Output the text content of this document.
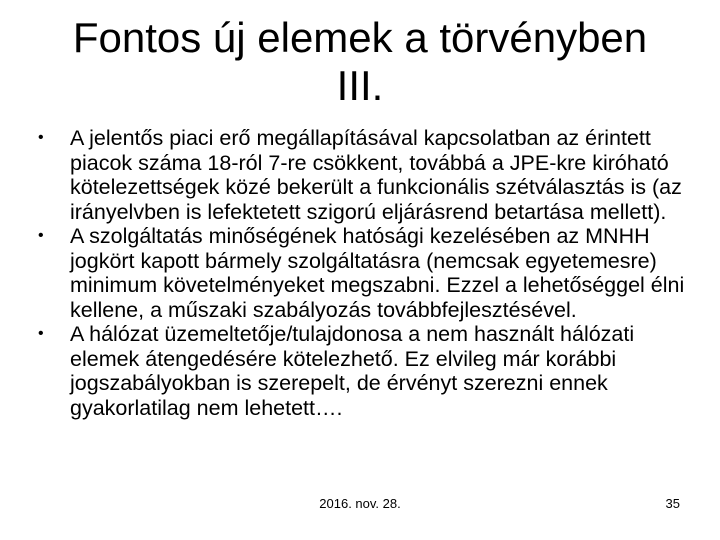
Fontos új elemek a törvényben
III.
• A jelentős piaci erő megállapításával kapcsolatban az érintett piacok száma 18-ról 7-re csökkent, továbbá a JPE-kre kiróható kötelezettségek közé bekerült a funkcionális szétválasztás is (az irányelvben is lefektetett szigorú eljárásrend betartása mellett).
• A szolgáltatás minőségének hatósági kezelésében az MNHH jogkört kapott bármely szolgáltatásra (nemcsak egyetemesre) minimum követelményeket megszabni. Ezzel a lehetőséggel élni kellene, a műszaki szabályozás továbbfejlesztésével.
• A hálózat üzemeltetője/tulajdonosa a nem használt hálózati elemek átengedésére kötelezhető. Ez elvileg már korábbi jogszabályokban is szerepelt, de érvényt szerezni ennek gyakorlatilag nem lehetett….
2016. nov. 28.	35
